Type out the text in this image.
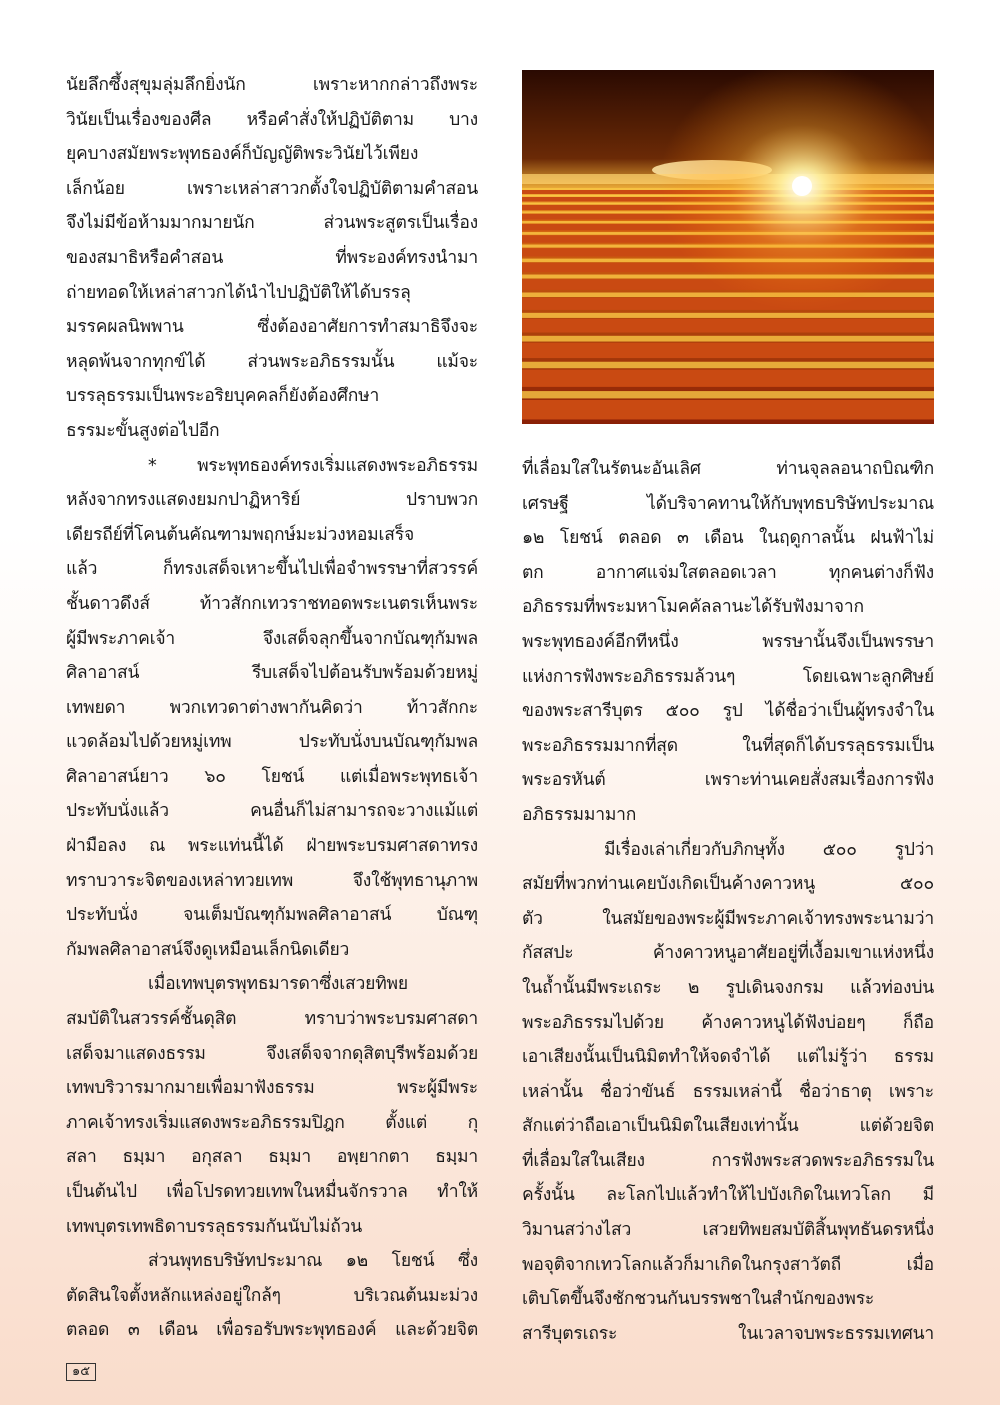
นัยลึกซึ้งสุขุมลุ่มลึกยิ่งนัก เพราะหากกล่าวถึงพระ
วินัยเป็นเรื่องของศีล หรือคำสั่งให้ปฏิบัติตาม บาง
ยุคบางสมัยพระพุทธองค์ก็บัญญัติพระวินัยไว้เพียง
เล็กน้อย เพราะเหล่าสาวกตั้งใจปฏิบัติตามคำสอน
จึงไม่มีข้อห้ามมากมายนัก ส่วนพระสูตรเป็นเรื่อง
ของสมาธิหรือคำสอน ที่พระองค์ทรงนำมา
ถ่ายทอดให้เหล่าสาวกได้นำไปปฏิบัติให้ได้บรรลุ
มรรคผลนิพพาน ซึ่งต้องอาศัยการทำสมาธิจึงจะ
หลุดพ้นจากทุกข์ได้ ส่วนพระอภิธรรมนั้น แม้จะ
บรรลุธรรมเป็นพระอริยบุคคลก็ยังต้องศึกษา
ธรรมะขั้นสูงต่อไปอีก
* พระพุทธองค์ทรงเริ่มแสดงพระอภิธรรม
หลังจากทรงแสดงยมกปาฏิหาริย์ ปราบพวก
เดียรถีย์ที่โคนต้นคัณฑามพฤกษ์มะม่วงหอมเสร็จ
แล้ว ก็ทรงเสด็จเหาะขึ้นไปเพื่อจำพรรษาที่สวรรค์
ชั้นดาวดึงส์ ท้าวสักกเทวราชทอดพระเนตรเห็นพระ
ผู้มีพระภาคเจ้า จึงเสด็จลุกขึ้นจากบัณฑุกัมพล
ศิลาอาสน์ รีบเสด็จไปต้อนรับพร้อมด้วยหมู่
เทพยดา พวกเทวดาต่างพากันคิดว่า ท้าวสักกะ
แวดล้อมไปด้วยหมู่เทพ ประทับนั่งบนบัณฑุกัมพล
ศิลาอาสน์ยาว ๖๐ โยชน์ แต่เมื่อพระพุทธเจ้า
ประทับนั่งแล้ว คนอื่นก็ไม่สามารถจะวางแม้แต่
ฝ่ามือลง ณ พระแท่นนี้ได้ ฝ่ายพระบรมศาสดาทรง
ทราบวาระจิตของเหล่าทวยเทพ จึงใช้พุทธานุภาพ
ประทับนั่ง จนเต็มบัณฑุกัมพลศิลาอาสน์ บัณฑุ
กัมพลศิลาอาสน์จึงดูเหมือนเล็กนิดเดียว
เมื่อเทพบุตรพุทธมารดาซึ่งเสวยทิพย
สมบัติในสวรรค์ชั้นดุสิต ทราบว่าพระบรมศาสดา
เสด็จมาแสดงธรรม จึงเสด็จจากดุสิตบุรีพร้อมด้วย
เทพบริวารมากมายเพื่อมาฟังธรรม พระผู้มีพระ
ภาคเจ้าทรงเริ่มแสดงพระอภิธรรมปิฎก ตั้งแต่ กุ
สลา ธมฺมา อกุสลา ธมฺมา อพฺยากตา ธมฺมา
เป็นต้นไป เพื่อโปรดทวยเทพในหมื่นจักรวาล ทำให้
เทพบุตรเทพธิดาบรรลุธรรมกันนับไม่ถ้วน
ส่วนพุทธบริษัทประมาณ ๑๒ โยชน์ ซึ่ง
ตัดสินใจตั้งหลักแหล่งอยู่ใกล้ๆ บริเวณต้นมะม่วง
ตลอด ๓ เดือน เพื่อรอรับพระพุทธองค์ และด้วยจิต
ที่เลื่อมใสในรัตนะอันเลิศ ท่านจุลลอนาถบิณฑิก
เศรษฐี ได้บริจาคทานให้กับพุทธบริษัทประมาณ
๑๒ โยชน์ ตลอด ๓ เดือน ในฤดูกาลนั้น ฝนฟ้าไม่
ตก อากาศแจ่มใสตลอดเวลา ทุกคนต่างก็ฟัง
อภิธรรมที่พระมหาโมคคัลลานะได้รับฟังมาจาก
พระพุทธองค์อีกทีหนึ่ง พรรษานั้นจึงเป็นพรรษา
แห่งการฟังพระอภิธรรมล้วนๆ โดยเฉพาะลูกศิษย์
ของพระสารีบุตร ๕๐๐ รูป ได้ชื่อว่าเป็นผู้ทรงจำใน
พระอภิธรรมมากที่สุด ในที่สุดก็ได้บรรลุธรรมเป็น
พระอรหันต์ เพราะท่านเคยสั่งสมเรื่องการฟัง
อภิธรรมมามาก
มีเรื่องเล่าเกี่ยวกับภิกษุทั้ง ๕๐๐ รูปว่า
สมัยที่พวกท่านเคยบังเกิดเป็นค้างคาวหนู ๕๐๐
ตัว ในสมัยของพระผู้มีพระภาคเจ้าทรงพระนามว่า
กัสสปะ ค้างคาวหนูอาศัยอยู่ที่เงื้อมเขาแห่งหนึ่ง
ในถ้ำนั้นมีพระเถระ ๒ รูปเดินจงกรม แล้วท่องบ่น
พระอภิธรรมไปด้วย ค้างคาวหนูได้ฟังบ่อยๆ ก็ถือ
เอาเสียงนั้นเป็นนิมิตทำให้จดจำได้ แต่ไม่รู้ว่า ธรรม
เหล่านั้น ชื่อว่าขันธ์ ธรรมเหล่านี้ ชื่อว่าธาตุ เพราะ
สักแต่ว่าถือเอาเป็นนิมิตในเสียงเท่านั้น แต่ด้วยจิต
ที่เลื่อมใสในเสียง การฟังพระสวดพระอภิธรรมใน
ครั้งนั้น ละโลกไปแล้วทำให้ไปบังเกิดในเทวโลก มี
วิมานสว่างไสว เสวยทิพยสมบัติสิ้นพุทธันดรหนึ่ง
พอจุติจากเทวโลกแล้วก็มาเกิดในกรุงสาวัตถี เมื่อ
เติบโตขึ้นจึงชักชวนกันบรรพชาในสำนักของพระ
สารีบุตรเถระ ในเวลาจบพระธรรมเทศนา
๑๕
